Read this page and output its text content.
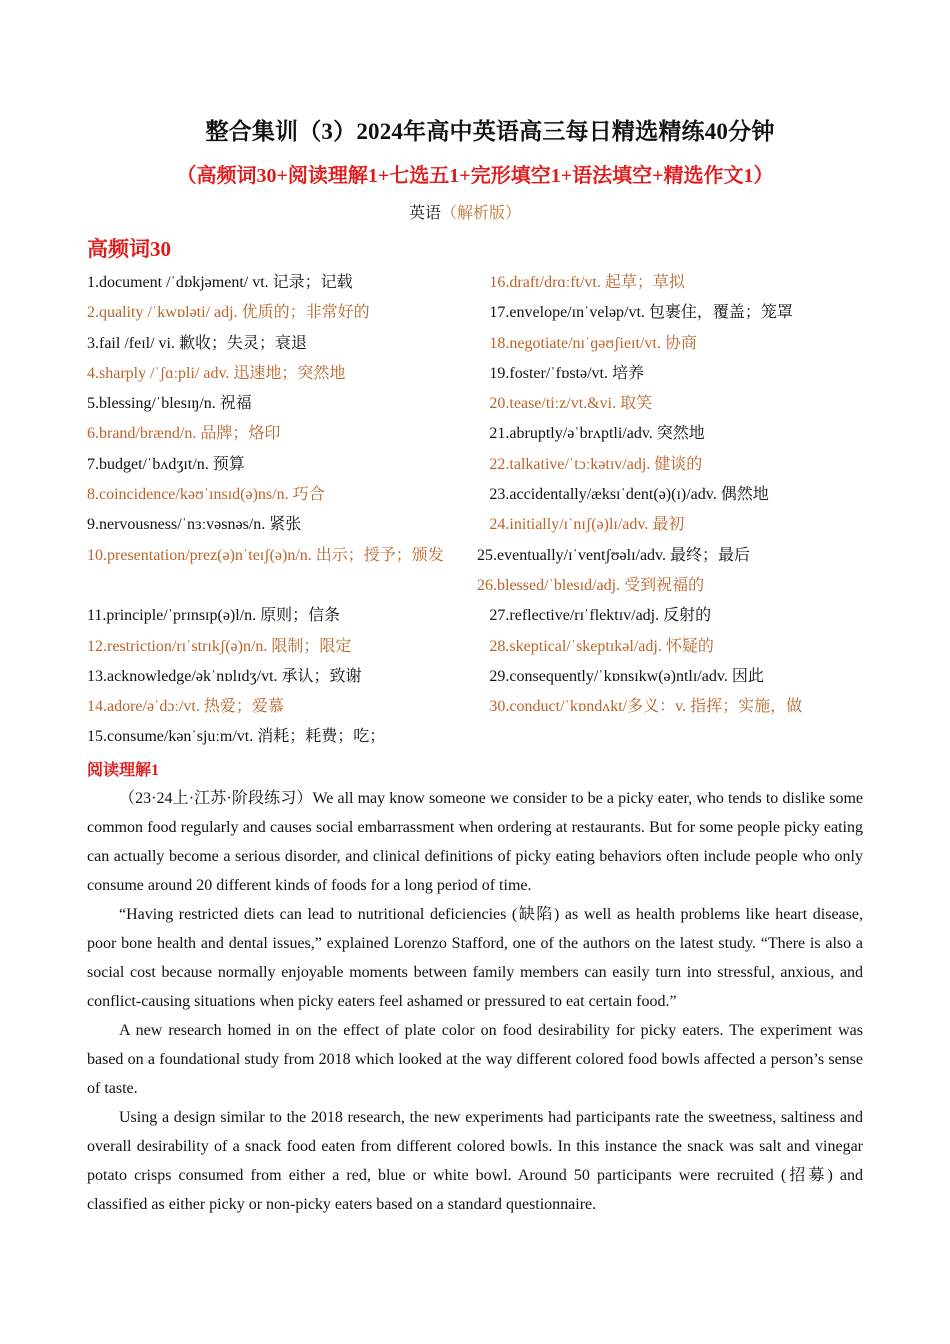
整合集训（3）2024年高中英语高三每日精选精练40分钟
（高频词30+阅读理解1+七选五1+完形填空1+语法填空+精选作文1）
英语（解析版）
高频词30
1.document /ˈdɒkjəment/ vt. 记录；记载	16.draft/drɑːft/vt. 起草；草拟
2.quality /ˈkwɒləti/ adj. 优质的；非常好的	17.envelope/ɪnˈveləp/vt. 包裹住，覆盖；笼罩
3.fail /feɪl/ vi. 歉收；失灵；衰退	18.negotiate/nɪˈɡəʊʃieɪt/vt. 协商
4.sharply /ˈʃɑːpli/ adv. 迅速地；突然地	19.foster/ˈfɒstə/vt. 培养
5.blessing/ˈblesɪŋ/n. 祝福	20.tease/tiːz/vt.&vi. 取笑
6.brand/brænd/n. 品牌；烙印	21.abruptly/əˈbrʌptli/adv. 突然地
7.budget/ˈbʌdʒɪt/n. 预算	22.talkative/ˈtɔːkətɪv/adj. 健谈的
8.coincidence/kəʊˈɪnsɪd(ə)ns/n. 巧合	23.accidentally/æksɪˈdent(ə)(ɪ)/adv. 偶然地
9.nervousness/ˈnɜːvəsnəs/n. 紧张	24.initially/ɪˈnɪʃ(ə)lɪ/adv. 最初
10.presentation/prez(ə)nˈteɪʃ(ə)n/n. 出示；授予；颁发	25.eventually/ɪˈventʃʊəlɪ/adv. 最终；最后
26.blessed/ˈblesɪd/adj. 受到祝福的
11.principle/ˈprɪnsɪp(ə)l/n. 原则；信条	27.reflective/rɪˈflektɪv/adj. 反射的
12.restriction/rɪˈstrɪkʃ(ə)n/n. 限制；限定	28.skeptical/ˈskeptɪkəl/adj. 怀疑的
13.acknowledge/əkˈnɒlɪdʒ/vt. 承认；致谢	29.consequently/ˈkɒnsɪkw(ə)ntlɪ/adv. 因此
14.adore/əˈdɔː/vt. 热爱；爱慕	30.conduct/ˈkɒndʌkt/多义：v. 指挥；实施，做
15.consume/kənˈsjuːm/vt. 消耗；耗费；吃；
阅读理解1

（23·24上·江苏·阶段练习）We all may know someone we consider to be a picky eater, who tends to dislike some common food regularly and causes social embarrassment when ordering at restaurants. But for some people picky eating can actually become a serious disorder, and clinical definitions of picky eating behaviors often include people who only consume around 20 different kinds of foods for a long period of time.

“Having restricted diets can lead to nutritional deficiencies (缺陷) as well as health problems like heart disease, poor bone health and dental issues,” explained Lorenzo Stafford, one of the authors on the latest study. “There is also a social cost because normally enjoyable moments between family members can easily turn into stressful, anxious, and conflict-causing situations when picky eaters feel ashamed or pressured to eat certain food.”

A new research homed in on the effect of plate color on food desirability for picky eaters. The experiment was based on a foundational study from 2018 which looked at the way different colored food bowls affected a person’s sense of taste.

Using a design similar to the 2018 research, the new experiments had participants rate the sweetness, saltiness and overall desirability of a snack food eaten from different colored bowls. In this instance the snack was salt and vinegar potato crisps consumed from either a red, blue or white bowl. Around 50 participants were recruited (招募) and classified as either picky or non-picky eaters based on a standard questionnaire.
